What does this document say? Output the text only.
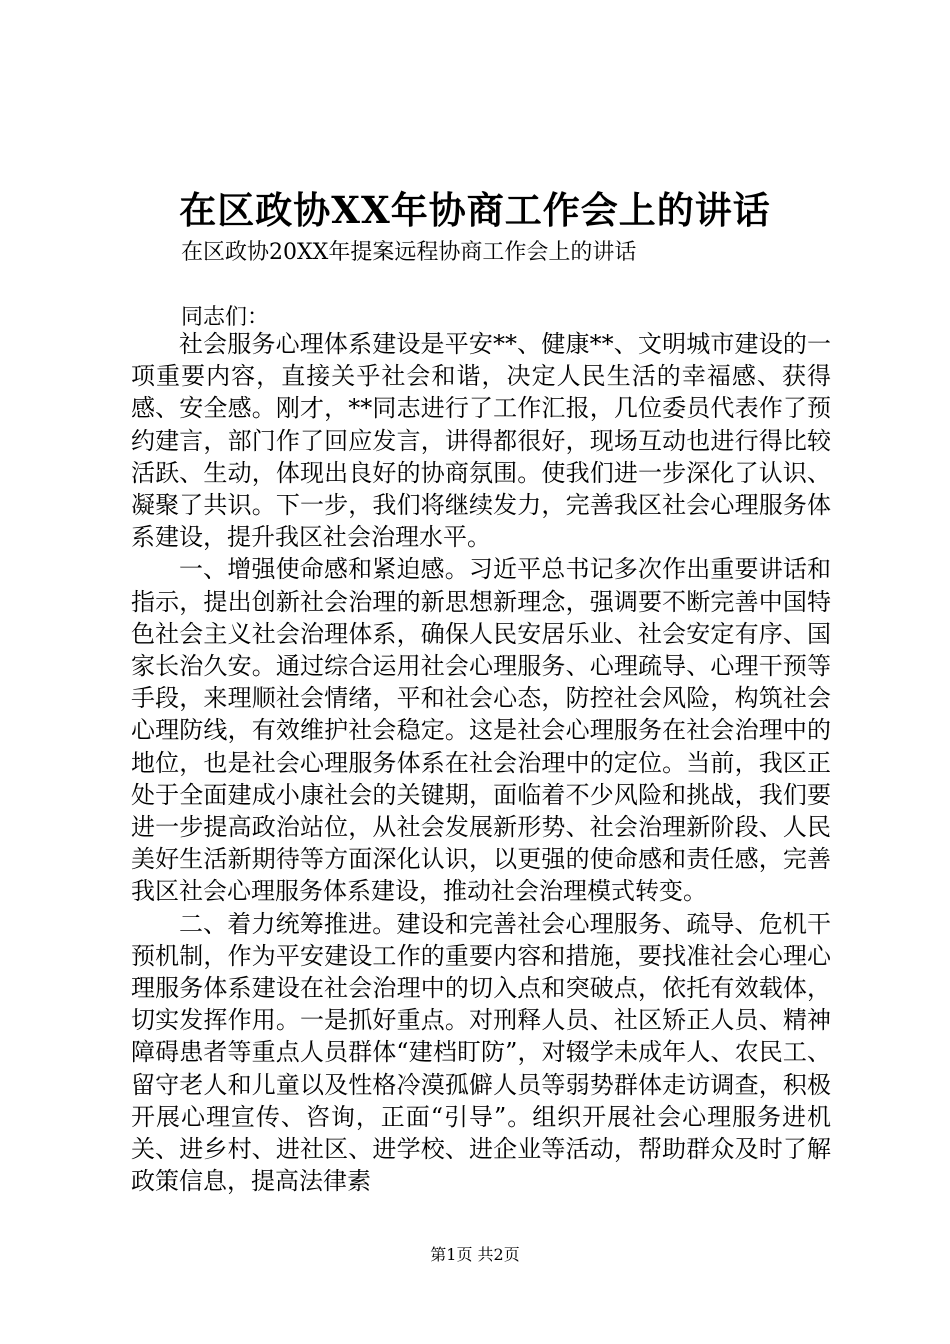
在区政协XX年协商工作会上的讲话
在区政协20XX年提案远程协商工作会上的讲话
同志们：

社会服务心理体系建设是平安**、健康**、文明城市建设的一项重要内容，直接关乎社会和谐，决定人民生活的幸福感、获得感、安全感。刚才，**同志进行了工作汇报，几位委员代表作了预约建言，部门作了回应发言，讲得都很好，现场互动也进行得比较活跃、生动，体现出良好的协商氛围。使我们进一步深化了认识、凝聚了共识。下一步，我们将继续发力，完善我区社会心理服务体系建设，提升我区社会治理水平。

一、增强使命感和紧迫感。习近平总书记多次作出重要讲话和指示，提出创新社会治理的新思想新理念，强调要不断完善中国特色社会主义社会治理体系，确保人民安居乐业、社会安定有序、国家长治久安。通过综合运用社会心理服务、心理疏导、心理干预等手段，来理顺社会情绪，平和社会心态，防控社会风险，构筑社会心理防线，有效维护社会稳定。这是社会心理服务在社会治理中的地位，也是社会心理服务体系在社会治理中的定位。当前，我区正处于全面建成小康社会的关键期，面临着不少风险和挑战，我们要进一步提高政治站位，从社会发展新形势、社会治理新阶段、人民美好生活新期待等方面深化认识，以更强的使命感和责任感，完善我区社会心理服务体系建设，推动社会治理模式转变。

二、着力统筹推进。建设和完善社会心理服务、疏导、危机干预机制，作为平安建设工作的重要内容和措施，要找准社会心理心理服务体系建设在社会治理中的切入点和突破点，依托有效载体，切实发挥作用。一是抓好重点。对刑释人员、社区矫正人员、精神障碍患者等重点人员群体“建档盯防”，对辍学未成年人、农民工、留守老人和儿童以及性格冷漠孤僻人员等弱势群体走访调查，积极开展心理宣传、咨询，正面“引导”。组织开展社会心理服务进机关、进乡村、进社区、进学校、进企业等活动，帮助群众及时了解政策信息，提高法律素

第1页 共2页
